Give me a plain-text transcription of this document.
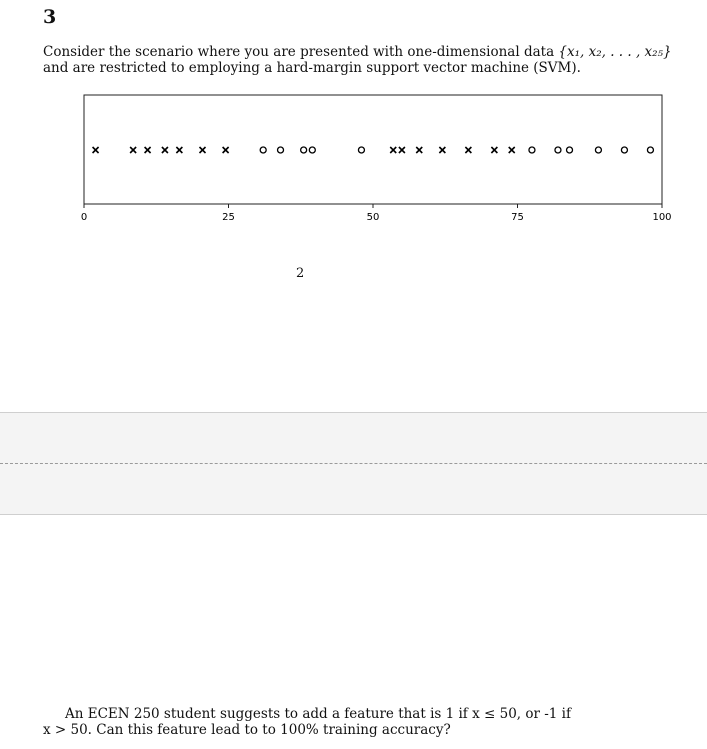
3
Consider the scenario where you are presented with one-dimensional data {x₁, x₂, . . . , x₂₅}
and are restricted to employing a hard-margin support vector machine (SVM).
0	25	50	75	100
2
An ECEN 250 student suggests to add a feature that is 1 if x ≤ 50, or -1 if
x > 50. Can this feature lead to to 100% training accuracy?
